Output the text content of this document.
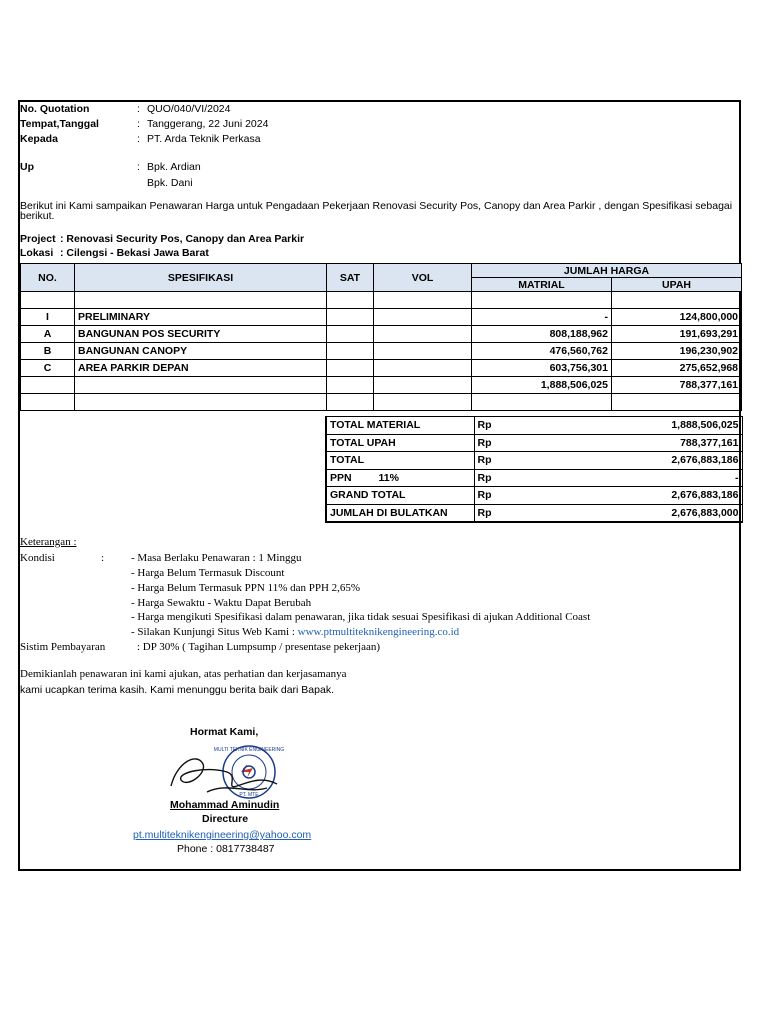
No. Quotation	: QUO/040/VI/2024
Tempat,Tanggal	: Tanggerang, 22 Juni 2024
Kepada	: PT. Arda Teknik Perkasa
Up	: Bpk. Ardian
Bpk. Dani
Berikut ini Kami sampaikan Penawaran Harga untuk Pengadaan Pekerjaan Renovasi Security Pos, Canopy dan Area Parkir , dengan Spesifikasi sebagai
berikut.
Project : Renovasi Security Pos, Canopy dan Area Parkir
Lokasi : Cilengsi - Bekasi Jawa Barat
NO.	SPESIFIKASI	SAT	VOL	JUMLAH HARGA	
				MATRIAL	UPAH

I	PRELIMINARY			-	124,800,000
A	BANGUNAN POS SECURITY			808,188,962	191,693,291
B	BANGUNAN CANOPY			476,560,762	196,230,902
C	AREA PARKIR DEPAN			603,756,301	275,652,968
				1,888,506,025	788,377,161

TOTAL MATERIAL	Rp	1,888,506,025
TOTAL UPAH	Rp	788,377,161
TOTAL	Rp	2,676,883,186
PPN 11%	Rp	-
GRAND TOTAL	Rp	2,676,883,186
JUMLAH DI BULATKAN	Rp	2,676,883,000
Keterangan :
Kondisi	: - Masa Berlaku Penawaran : 1 Minggu
- Harga Belum Termasuk Discount
- Harga Belum Termasuk PPN 11% dan PPH 2,65%
- Harga Sewaktu - Waktu Dapat Berubah
- Harga mengikuti Spesifikasi dalam penawaran, jika tidak sesuai Spesifikasi di ajukan Additional Coast
- Silakan Kunjungi Situs Web Kami : www.ptmultiteknikengineering.co.id
Sistim Pembayaran	: DP 30% ( Tagihan Lumpsump / presentase pekerjaan)
Demikianlah penawaran ini kami ajukan, atas perhatian dan kerjasamanya
kami ucapkan terima kasih. Kami menunggu berita baik dari Bapak.
Hormat Kami,
MULTI TEKNIK ENGINEERING
PT. MTE
Mohammad Aminudin
Directure
pt.multiteknikengineering@yahoo.com
Phone : 0817738487
